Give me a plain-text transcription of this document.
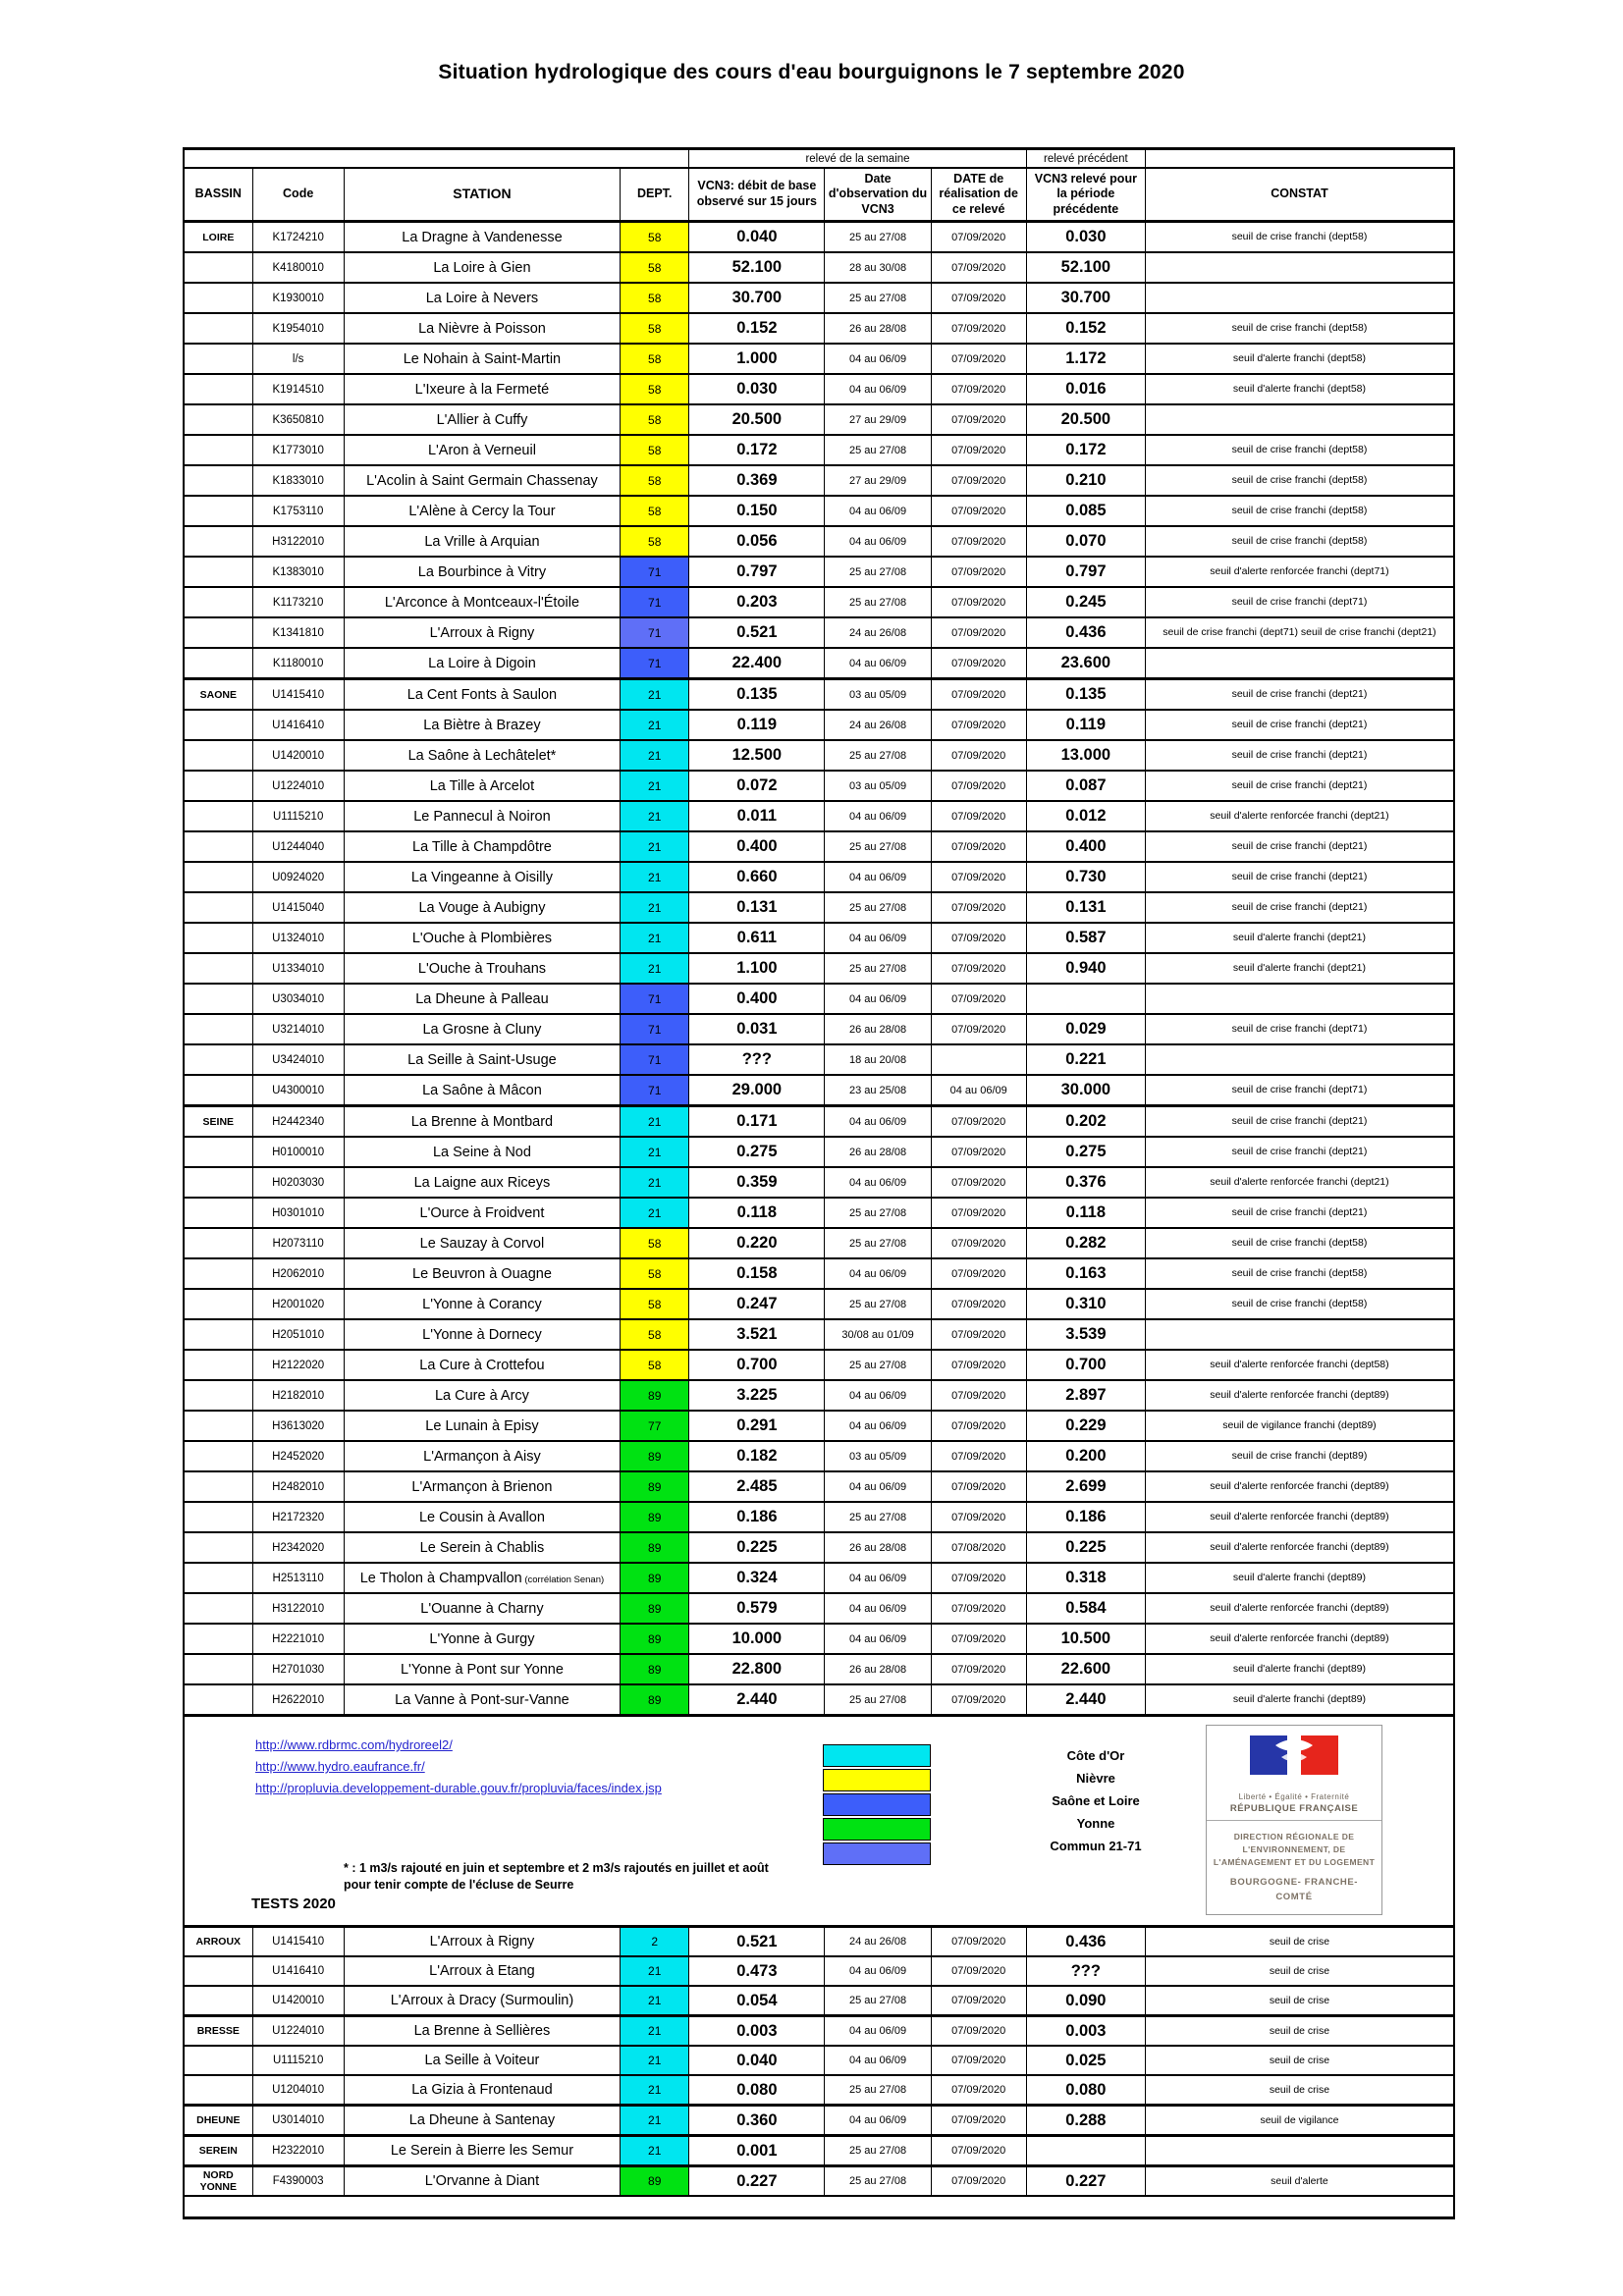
Situation hydrologique des cours d'eau bourguignons le 7 septembre 2020
				relevé de la semaine			relevé précédent	
BASSIN	Code	STATION	DEPT.	VCN3: débit de base observé sur 15 jours	Date d'observation du VCN3	DATE de réalisation de ce relevé	VCN3 relevé pour la période précédente	CONSTAT
LOIRE	K1724210	La Dragne à Vandenesse	58	0.040	25 au 27/08	07/09/2020	0.030	seuil de crise franchi (dept58)
	K4180010	La Loire à Gien	58	52.100	28 au 30/08	07/09/2020	52.100	
	K1930010	La Loire à Nevers	58	30.700	25 au 27/08	07/09/2020	30.700	
	K1954010	La Nièvre à Poisson	58	0.152	26 au 28/08	07/09/2020	0.152	seuil de crise franchi (dept58)
	l/s	Le Nohain à Saint-Martin	58	1.000	04 au 06/09	07/09/2020	1.172	seuil d'alerte franchi (dept58)
	K1914510	L'Ixeure à la Fermeté	58	0.030	04 au 06/09	07/09/2020	0.016	seuil d'alerte franchi (dept58)
	K3650810	L'Allier à Cuffy	58	20.500	27 au 29/09	07/09/2020	20.500	
	K1773010	L'Aron à Verneuil	58	0.172	25 au 27/08	07/09/2020	0.172	seuil de crise franchi (dept58)
	K1833010	L'Acolin à Saint Germain Chassenay	58	0.369	27 au 29/09	07/09/2020	0.210	seuil de crise franchi (dept58)
	K1753110	L'Alène à Cercy la Tour	58	0.150	04 au 06/09	07/09/2020	0.085	seuil de crise franchi (dept58)
	H3122010	La Vrille à Arquian	58	0.056	04 au 06/09	07/09/2020	0.070	seuil de crise franchi (dept58)
	K1383010	La Bourbince à Vitry	71	0.797	25 au 27/08	07/09/2020	0.797	seuil d'alerte renforcée franchi (dept71)
	K1173210	L'Arconce à Montceaux-l'Étoile	71	0.203	25 au 27/08	07/09/2020	0.245	seuil de crise franchi (dept71)
	K1341810	L'Arroux à Rigny	71	0.521	24 au 26/08	07/09/2020	0.436	seuil de crise franchi (dept71) seuil de crise franchi (dept21)
	K1180010	La Loire à Digoin	71	22.400	04 au 06/09	07/09/2020	23.600	
SAONE	U1415410	La Cent Fonts à Saulon	21	0.135	03 au 05/09	07/09/2020	0.135	seuil de crise franchi (dept21)
	U1416410	La Biètre à Brazey	21	0.119	24 au 26/08	07/09/2020	0.119	seuil de crise franchi (dept21)
	U1420010	La Saône à Lechâtelet*	21	12.500	25 au 27/08	07/09/2020	13.000	seuil de crise franchi (dept21)
	U1224010	La Tille à Arcelot	21	0.072	03 au 05/09	07/09/2020	0.087	seuil de crise franchi (dept21)
	U1115210	Le Pannecul à Noiron	21	0.011	04 au 06/09	07/09/2020	0.012	seuil d'alerte renforcée franchi (dept21)
	U1244040	La Tille à Champdôtre	21	0.400	25 au 27/08	07/09/2020	0.400	seuil de crise franchi (dept21)
	U0924020	La Vingeanne à Oisilly	21	0.660	04 au 06/09	07/09/2020	0.730	seuil de crise franchi (dept21)
	U1415040	La Vouge à Aubigny	21	0.131	25 au 27/08	07/09/2020	0.131	seuil de crise franchi (dept21)
	U1324010	L'Ouche à Plombières	21	0.611	04 au 06/09	07/09/2020	0.587	seuil d'alerte franchi (dept21)
	U1334010	L'Ouche à Trouhans	21	1.100	25 au 27/08	07/09/2020	0.940	seuil d'alerte franchi (dept21)
	U3034010	La Dheune à Palleau	71	0.400	04 au 06/09	07/09/2020		
	U3214010	La Grosne à Cluny	71	0.031	26 au 28/08	07/09/2020	0.029	seuil de crise franchi (dept71)
	U3424010	La Seille à Saint-Usuge	71	???	18 au 20/08		0.221	
	U4300010	La Saône à Mâcon	71	29.000	23 au 25/08	04 au 06/09	30.000	seuil de crise franchi (dept71)
SEINE	H2442340	La Brenne à Montbard	21	0.171	04 au 06/09	07/09/2020	0.202	seuil de crise franchi (dept21)
	H0100010	La Seine à Nod	21	0.275	26 au 28/08	07/09/2020	0.275	seuil de crise franchi (dept21)
	H0203030	La Laigne aux Riceys	21	0.359	04 au 06/09	07/09/2020	0.376	seuil d'alerte renforcée franchi (dept21)
	H0301010	L'Ource à Froidvent	21	0.118	25 au 27/08	07/09/2020	0.118	seuil de crise franchi (dept21)
	H2073110	Le Sauzay à Corvol	58	0.220	25 au 27/08	07/09/2020	0.282	seuil de crise franchi (dept58)
	H2062010	Le Beuvron à Ouagne	58	0.158	04 au 06/09	07/09/2020	0.163	seuil de crise franchi (dept58)
	H2001020	L'Yonne à Corancy	58	0.247	25 au 27/08	07/09/2020	0.310	seuil de crise franchi (dept58)
	H2051010	L'Yonne à Dornecy	58	3.521	30/08 au 01/09	07/09/2020	3.539	
	H2122020	La Cure à Crottefou	58	0.700	25 au 27/08	07/09/2020	0.700	seuil d'alerte renforcée franchi (dept58)
	H2182010	La Cure à Arcy	89	3.225	04 au 06/09	07/09/2020	2.897	seuil d'alerte renforcée franchi (dept89)
	H3613020	Le Lunain à Episy	77	0.291	04 au 06/09	07/09/2020	0.229	seuil de vigilance franchi (dept89)
	H2452020	L'Armançon à Aisy	89	0.182	03 au 05/09	07/09/2020	0.200	seuil de crise franchi (dept89)
	H2482010	L'Armançon à Brienon	89	2.485	04 au 06/09	07/09/2020	2.699	seuil d'alerte renforcée franchi (dept89)
	H2172320	Le Cousin à Avallon	89	0.186	25 au 27/08	07/09/2020	0.186	seuil d'alerte renforcée franchi (dept89)
	H2342020	Le Serein à Chablis	89	0.225	26 au 28/08	07/08/2020	0.225	seuil d'alerte renforcée franchi (dept89)
	H2513110	Le Tholon à Champvallon (corrélation Senan)	89	0.324	04 au 06/09	07/09/2020	0.318	seuil d'alerte franchi (dept89)
	H3122010	L'Ouanne à Charny	89	0.579	04 au 06/09	07/09/2020	0.584	seuil d'alerte renforcée franchi (dept89)
	H2221010	L'Yonne à Gurgy	89	10.000	04 au 06/09	07/09/2020	10.500	seuil d'alerte renforcée franchi (dept89)
	H2701030	L'Yonne à Pont sur Yonne	89	22.800	26 au 28/08	07/09/2020	22.600	seuil d'alerte franchi (dept89)
	H2622010	La Vanne à Pont-sur-Vanne	89	2.440	25 au 27/08	07/09/2020	2.440	seuil d'alerte franchi (dept89)
http://www.rdbrmc.com/hydroreel2/
http://www.hydro.eaufrance.fr/
http://propluvia.developpement-durable.gouv.fr/propluvia/faces/index.jsp
Côte d'Or
Nièvre
Saône et Loire
Yonne
Commun 21-71
* : 1 m3/s rajouté en juin et septembre et 2 m3/s rajoutés en juillet et août
pour tenir compte de l'écluse de Seurre
TESTS 2020
Liberté • Égalité • Fraternité
RÉPUBLIQUE FRANÇAISE
DIRECTION RÉGIONALE DE L'ENVIRONNEMENT, DE L'AMÉNAGEMENT ET DU LOGEMENT
BOURGOGNE- FRANCHE-COMTÉ
ARROUX	U1415410	L'Arroux à Rigny	2	0.521	24 au 26/08	07/09/2020	0.436	seuil de crise
	U1416410	L'Arroux à Etang	21	0.473	04 au 06/09	07/09/2020	???	seuil de crise
	U1420010	L'Arroux à Dracy (Surmoulin)	21	0.054	25 au 27/08	07/09/2020	0.090	seuil de crise
BRESSE	U1224010	La Brenne à Sellières	21	0.003	04 au 06/09	07/09/2020	0.003	seuil de crise
	U1115210	La Seille à Voiteur	21	0.040	04 au 06/09	07/09/2020	0.025	seuil de crise
	U1204010	La Gizia à Frontenaud	21	0.080	25 au 27/08	07/09/2020	0.080	seuil de crise
DHEUNE	U3014010	La Dheune à Santenay	21	0.360	04 au 06/09	07/09/2020	0.288	seuil de vigilance
SEREIN	H2322010	Le Serein à Bierre les Semur	21	0.001	25 au 27/08	07/09/2020		
NORD YONNE	F4390003	L'Orvanne à Diant	89	0.227	25 au 27/08	07/09/2020	0.227	seuil d'alerte
